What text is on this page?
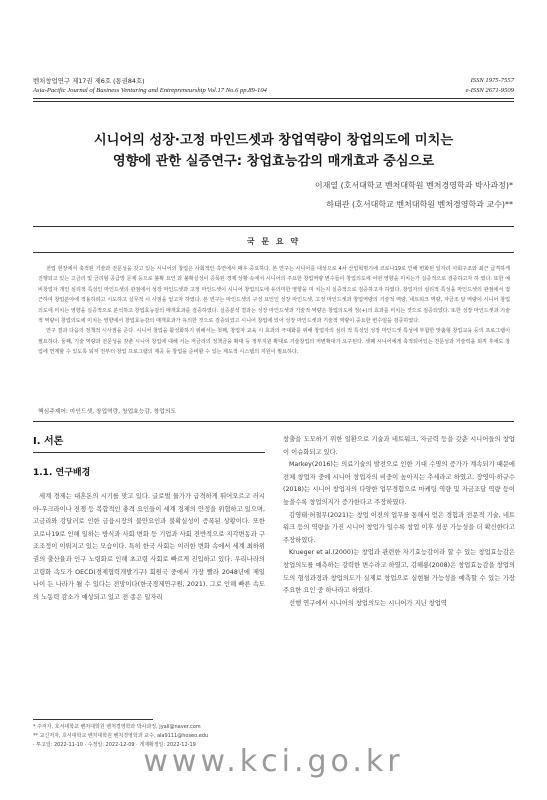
벤처창업연구 제17권 제6호 (통권84호)
Asia-Pacific Journal of Business Venturing and Entrepreneurship Vol.17 No.6 pp.89-104
ISSN 1975-7557
e-ISSN 2671-9509
시니어의 성장·고정 마인드셋과 창업역량이 창업의도에 미치는
영향에 관한 실증연구: 창업효능감의 매개효과 중심으로
이재열 (호서대학교 벤처대학원 벤처경영학과 박사과정)*
하태관 (호서대학교 벤처대학원 벤처경영학과 교수)**
국 문 요 약

전업 현장에서 축적된 기술과 전문성을 갖고 있는 시니어의 창업은 사회적인 측면에서 매우 중요하다. 본 연구는 시니어를 대상으로 4차 산업혁명기에 코로나19로 인해 변화된 일자리 사회구조와 최근 급격하게 진행되고 있는 고금리 및 금리형 공급망 문제 등으로 불확 요인 과 불확실성이 증폭된 경제 상황 속에서 시니어의 주요한 창업역량 변수들이 창업의도에 어떤 영향을 미치는가 실증적으로 검증하고자 하 였다. 또한 예비창업자 개인 심리적 특성인 마인드셋의 관점에서 성장 마인드셋과 고정 마인드셋이 시니어 창업의도에 유의미한 영향을 미 치는지 실증적으로 검증하고자 하였다. 창업자의 심리적 특성을 마인드셋의 관점에서 접근하여 창업분야에 적용하려고 시도하고 실무적 시 사점을 얻고자 하였다. 본 연구는 마인드셋의 구성 요인인 성장 마인드셋, 고정 마인드셋과 창업역량의 기술적 역량, 네트워크 역량, 자금조 달 역량이 시니어 창업의도에 미치는 영향을 실증적으로 분석하고 창업효능감의 매개효과를 검증하였다. 실증분석 결과는 성장 마인드셋과 기술적 역량은 창업의도에 정(+)의 효과를 미치는 것으로 검증되었다. 또한 성장 마인드셋과 기술적 역량이 창업의도에 미치는 영향에서 창업효능감의 매개효과가 유의한 것으로 검증되었고 시니어 창업에 있어 성장 마인드셋과 기술적 역량이 중요한 변수임을 검증하였다.

연구 결과 다음의 정책적 시사점을 준다. 시니어 창업을 활성화하기 위해서는 첫째, 창업자 교육 시 효과의 극대화를 위해 창업자의 심리 적 특성인 성장 마인드셋 특성에 부합한 맞춤형 창업교육 등의 프로그램이 필요하다. 둘째, 기술 역량과 전문성을 갖춘 시니어 창업에 대해 서는 저금리의 정책금융 확대 등 정부지원 확대로 기술창업의 저변확대가 요구된다. 셋째 시니어에게 축적되어있는 전문성과 기술력을 퇴직 후에도 창업에 연계할 수 있도록 퇴직 전부터 창업 프로그램의 제공 등 창업을 준비할 수 있는 제도적 시스템의 지원이 필요하다.

핵심주제어: 마인드셋, 창업역량, 창업효능감, 창업의도
Ⅰ. 서론
1.1. 연구배경

세계 경제는 대혼돈의 시기를 맞고 있다. 글로벌 물가가 급격하게 뛰어오르고 러시아-우크라이나 전쟁 등 복합적인 충격 요인들이 세계 경제의 안정을 위협하고 있으며, 고금리와 강달러로 인한 금융시장의 불안요인과 불확실성이 증폭된 상황이다. 또한 코로나19로 인해 일하는 방식과 사회 변화 등 기업과 사회 전반적으로 지각변동과 구조조정이 이뤄지고 있는 모습이다. 특히 한국 사회는 이러한 변화 속에서 세계 최하위 권의 출산율과 인구 노령화로 인해 초고령 사회로 빠르게 진입하고 있다. 우리나라의 고령화 속도가 OECD(경제협력개발기구) 회원국 중에서 가장 빨라 2048년에 제일 나이 든 나라가 될 수 있다는 전망이다(한국경제연구원, 2021). 그로 인해 빠른 속도의 노동력 감소가 예상되고 있고 전 종은 일자리

창출을 도모하기 위한 일환으로 기술과 네트워크, 자금력 등을 갖춘 시니어들의 창업이 이슈화되고 있다.

Markey(2016)는 의료기술의 발전으로 인한 기대 수명의 증가가 계속되기 때문에 전체 창업자 중에 시니어 창업자의 비중이 높아지는 추세라고 하였고, 장영미·하규수(2018)는 시니어 창업자의 다양한 업무경험으로 마케팅 역량 및 자금조달 역량 등이 높을수록 창업의지가 증가한다고 주장하였다.

김영태·허철무(2021)는 창업 이전의 업무를 통해서 얻은 경험과 전문적 기술, 네트워크 등의 역량을 가진 시니어 창업가 일수록 창업 이후 성공 가능성을 더 확신한다고 주장하였다.

Krueger et al.(2000)는 창업과 관련한 자기효능감이라 할 수 있는 창업효능감은 창업의도를 예측하는 강력한 변수라고 하였고, 김해룡(2008)은 창업효능감을 창업의도의 형성과정과 창업의도가 실제로 창업으로 실현될 가능성을 예측할 수 있는 가장 주요한 요인 중 하나라고 하였다.

선행 연구에서 시니어의 창업의도는 시니어가 지닌 창업역

* 주저자, 호서대학교 벤처대학원 벤처경영학과 박사과정, jyall@naver.com
** 교신저자, 호서대학교 벤처대학원 벤처경영학과 교수, ala9111@hoseo.edu
· 투고일: 2022-11-10 · 수정일: 2022-12-09 · 게재확정일: 2022-12-19
www.kci.go.kr
